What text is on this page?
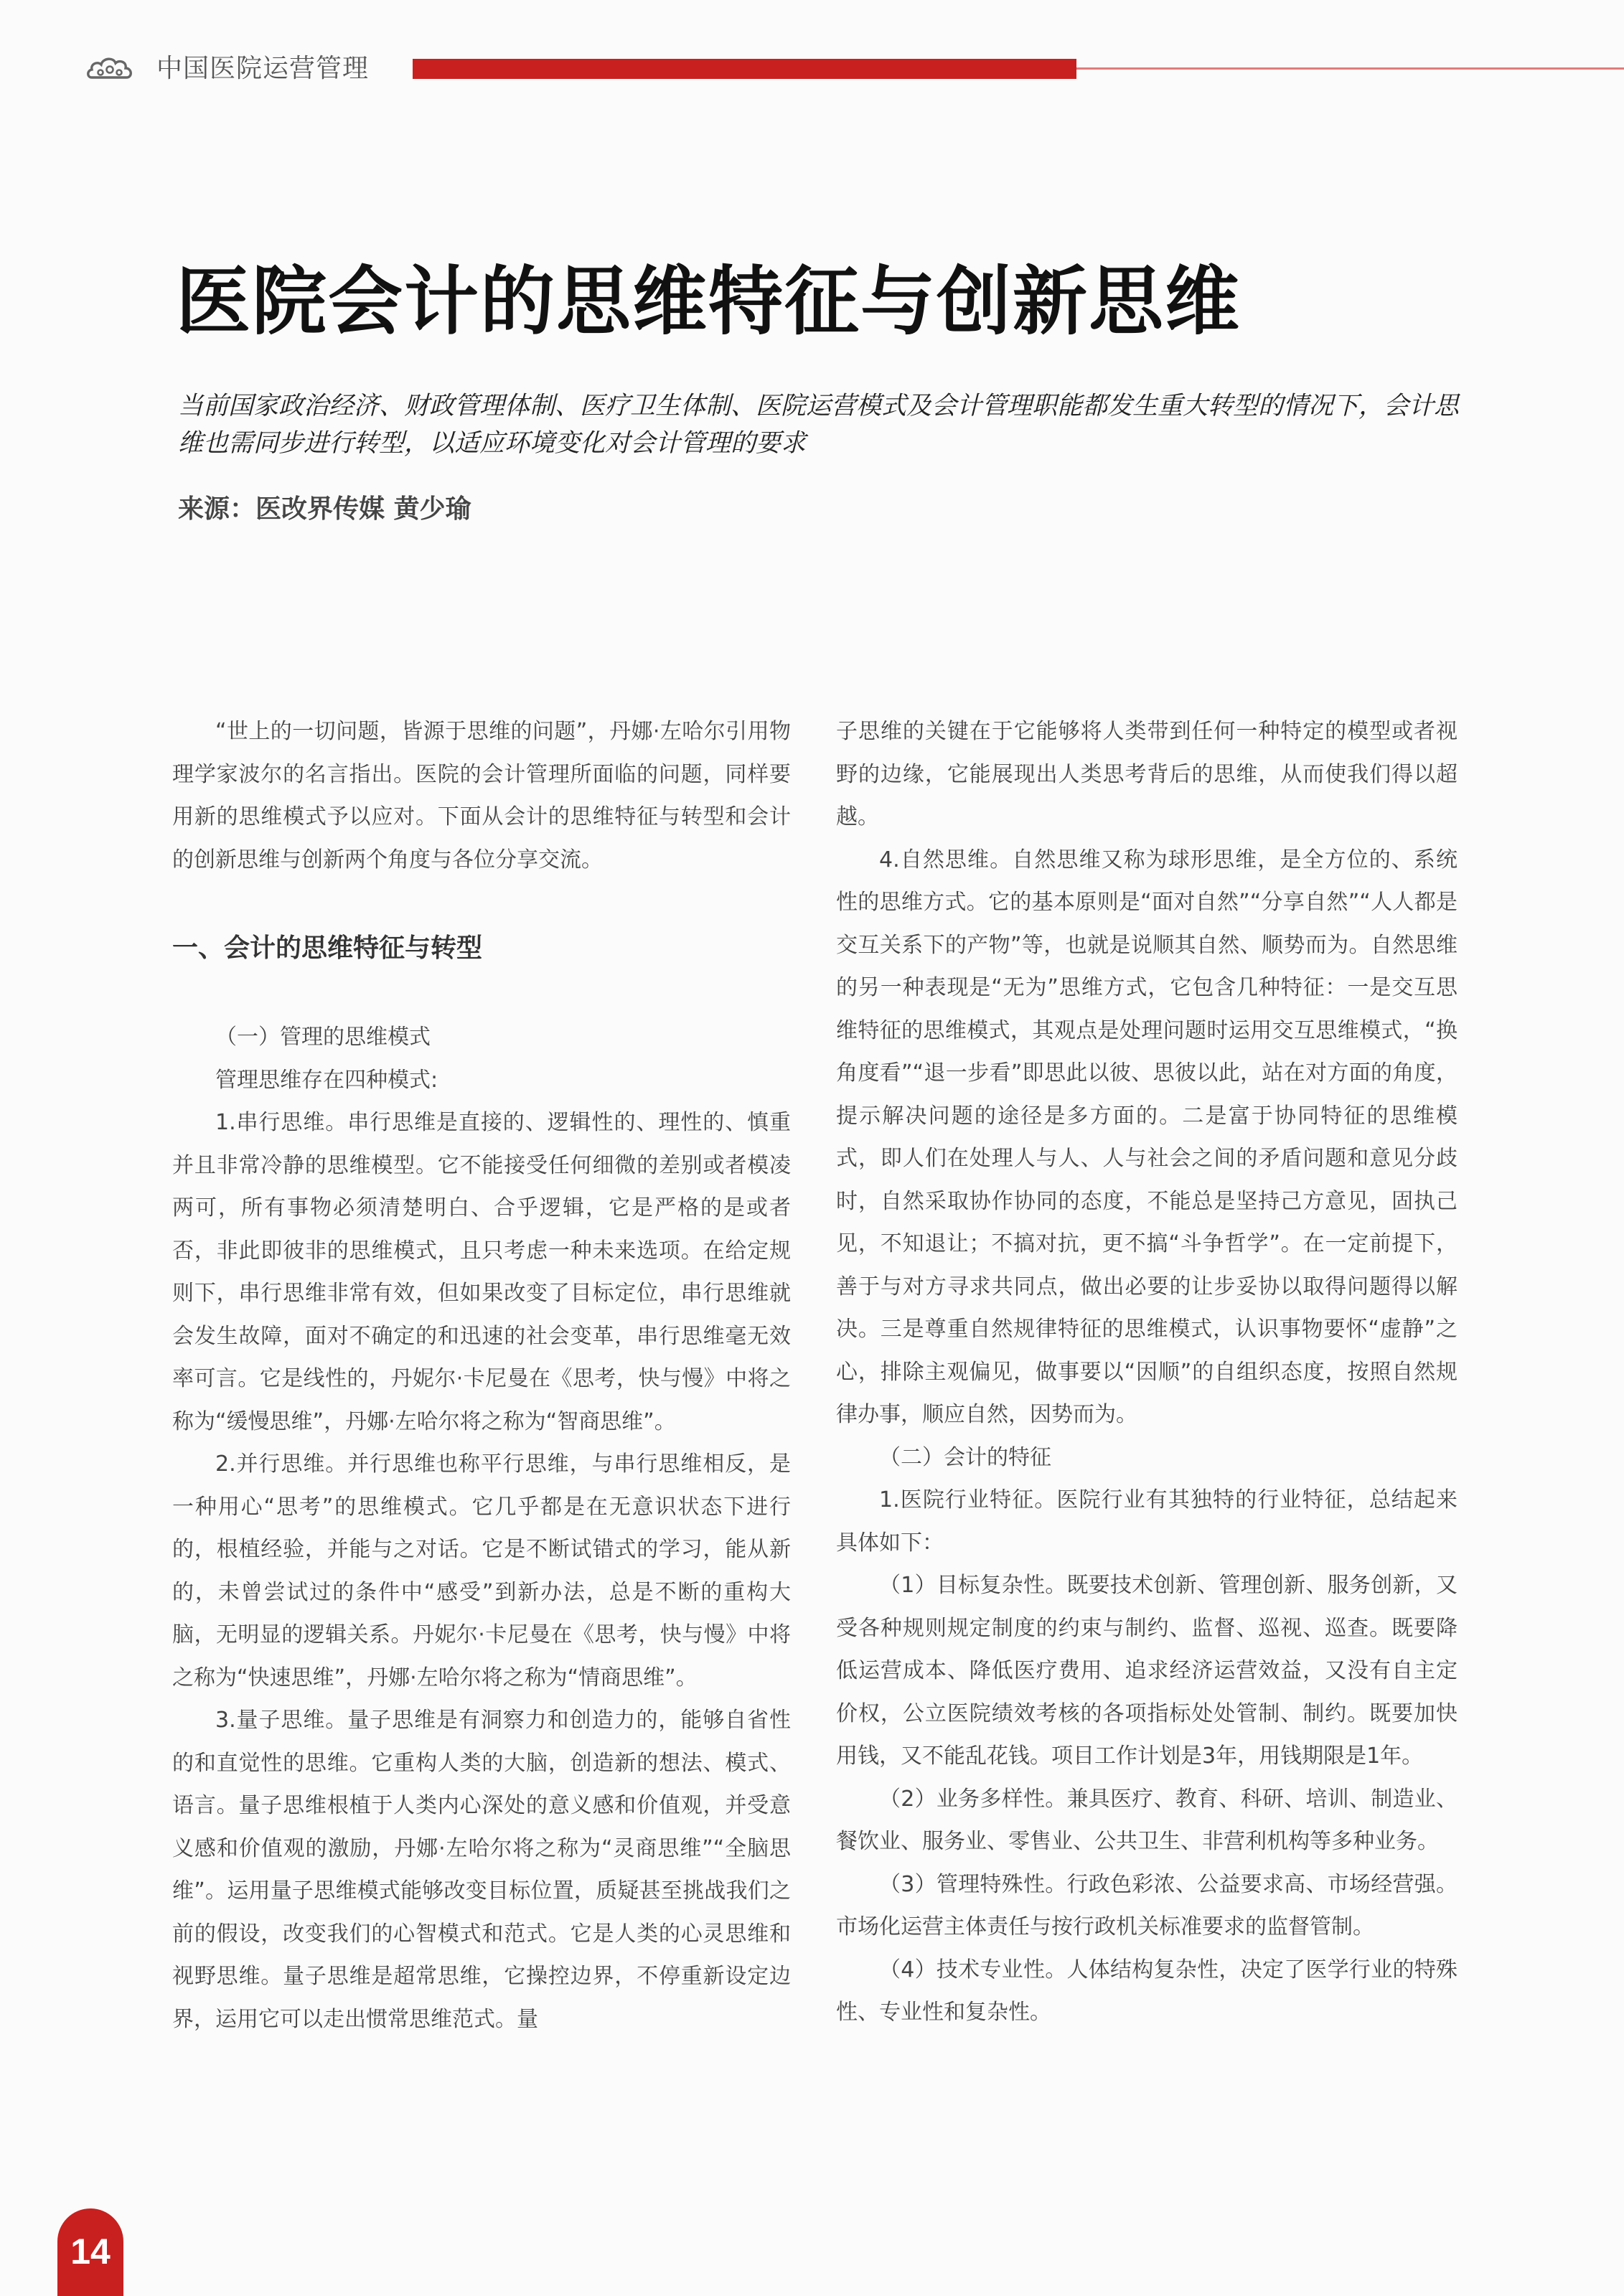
中国医院运营管理
医院会计的思维特征与创新思维

当前国家政治经济、财政管理体制、医疗卫生体制、医院运营模式及会计管理职能都发生重大转型的情况下，会计思维也需同步进行转型，以适应环境变化对会计管理的要求

来源：医改界传媒 黄少瑜

“世上的一切问题，皆源于思维的问题”，丹娜·左哈尔引用物理学家波尔的名言指出。医院的会计管理所面临的问题，同样要用新的思维模式予以应对。下面从会计的思维特征与转型和会计的创新思维与创新两个角度与各位分享交流。

一、会计的思维特征与转型

（一）管理的思维模式

管理思维存在四种模式:

1.串行思维。串行思维是直接的、逻辑性的、理性的、慎重并且非常冷静的思维模型。它不能接受任何细微的差别或者模凌两可，所有事物必须清楚明白、合乎逻辑，它是严格的是或者否，非此即彼非的思维模式，且只考虑一种未来选项。在给定规则下，串行思维非常有效，但如果改变了目标定位，串行思维就会发生故障，面对不确定的和迅速的社会变革，串行思维毫无效率可言。它是线性的，丹妮尔·卡尼曼在《思考，快与慢》中将之称为“缓慢思维”，丹娜·左哈尔将之称为“智商思维”。

2.并行思维。并行思维也称平行思维，与串行思维相反，是一种用心“思考”的思维模式。它几乎都是在无意识状态下进行的，根植经验，并能与之对话。它是不断试错式的学习，能从新的，未曾尝试过的条件中“感受”到新办法，总是不断的重构大脑，无明显的逻辑关系。丹妮尔·卡尼曼在《思考，快与慢》中将之称为“快速思维”，丹娜·左哈尔将之称为“情商思维”。

3.量子思维。量子思维是有洞察力和创造力的，能够自省性的和直觉性的思维。它重构人类的大脑，创造新的想法、模式、语言。量子思维根植于人类内心深处的意义感和价值观，并受意义感和价值观的激励，丹娜·左哈尔将之称为“灵商思维”“全脑思维”。运用量子思维模式能够改变目标位置，质疑甚至挑战我们之前的假设，改变我们的心智模式和范式。它是人类的心灵思维和视野思维。量子思维是超常思维，它操控边界，不停重新设定边界，运用它可以走出惯常思维范式。量

子思维的关键在于它能够将人类带到任何一种特定的模型或者视野的边缘，它能展现出人类思考背后的思维，从而使我们得以超越。

4.自然思维。自然思维又称为球形思维，是全方位的、系统性的思维方式。它的基本原则是“面对自然”“分享自然”“人人都是交互关系下的产物”等，也就是说顺其自然、顺势而为。自然思维的另一种表现是“无为”思维方式，它包含几种特征：一是交互思维特征的思维模式，其观点是处理问题时运用交互思维模式，“换角度看”“退一步看”即思此以彼、思彼以此，站在对方面的角度，提示解决问题的途径是多方面的。二是富于协同特征的思维模式，即人们在处理人与人、人与社会之间的矛盾问题和意见分歧时，自然采取协作协同的态度，不能总是坚持己方意见，固执己见，不知退让；不搞对抗，更不搞“斗争哲学”。在一定前提下，善于与对方寻求共同点，做出必要的让步妥协以取得问题得以解决。三是尊重自然规律特征的思维模式，认识事物要怀“虚静”之心，排除主观偏见，做事要以“因顺”的自组织态度，按照自然规律办事，顺应自然，因势而为。

（二）会计的特征

1.医院行业特征。医院行业有其独特的行业特征，总结起来具体如下：

（1）目标复杂性。既要技术创新、管理创新、服务创新，又受各种规则规定制度的约束与制约、监督、巡视、巡查。既要降低运营成本、降低医疗费用、追求经济运营效益，又没有自主定价权，公立医院绩效考核的各项指标处处管制、制约。既要加快用钱，又不能乱花钱。项目工作计划是3年，用钱期限是1年。

（2）业务多样性。兼具医疗、教育、科研、培训、制造业、餐饮业、服务业、零售业、公共卫生、非营利机构等多种业务。

（3）管理特殊性。行政色彩浓、公益要求高、市场经营强。市场化运营主体责任与按行政机关标准要求的监督管制。

（4）技术专业性。人体结构复杂性，决定了医学行业的特殊性、专业性和复杂性。

14
